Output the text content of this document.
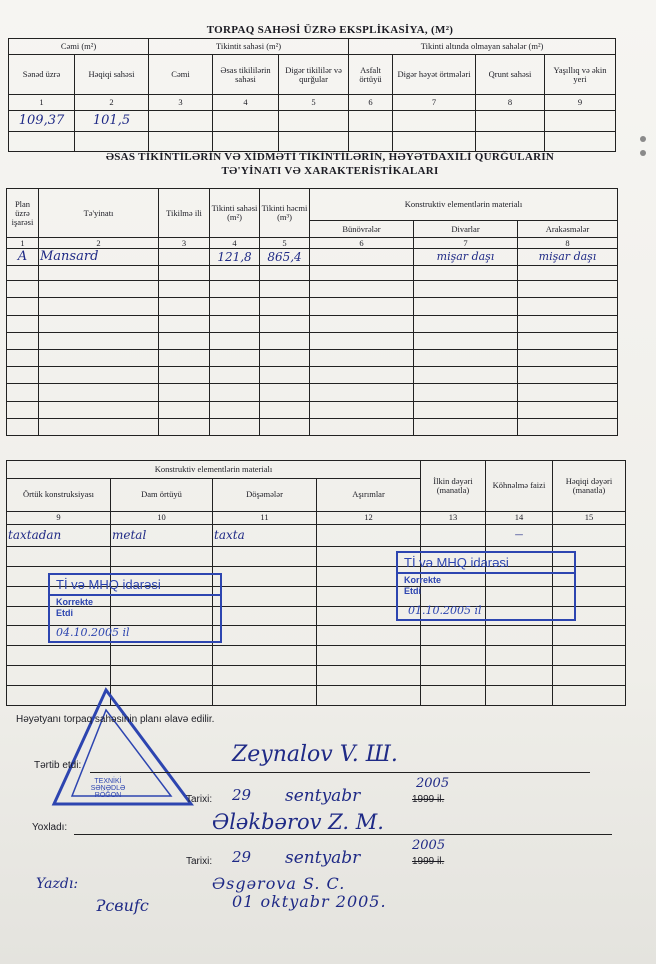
TORPAQ SAHƏSİ ÜZRƏ EKSPLİKASİYA, (M²)
Cəmi (m²)		Tikintit sahəsi (m²)			Tikinti altında olmayan sahələr (m²)			
Sənəd üzrə	Həqiqi sahəsi	Cəmi	Əsas tikililərin sahəsi	Digər tikililər və qurğular	Asfalt örtüyü	Digər həyət örtmələri	Qrunt sahəsi	Yaşıllıq və əkin yeri
1	2	3	4	5	6	7	8	9
109,37	101,5							

ƏSAS TİKİNTİLƏRİN VƏ XİDMƏTİ TİKİNTİLƏRİN, HƏYƏTDAXİLİ QURĞULARIN
TƏ'YİNATI VƏ XARAKTERİSTİKALARI
Plan üzrə işarəsi	Tə'yinatı	Tikilmə ili	Tikinti sahəsi (m²)	Tikinti həcmi (m³)	Konstruktiv elementlərin materialı		
					Bünövrələr	Divarlar	Arakəsmələr
1	2	3	4	5	6	7	8
A	Mansard		121,8	865,4		mişar daşı	mişar daşı

Konstruktiv elementlərin materialı				İlkin dəyəri (manatla)	Köhnəlmə faizi	Həqiqi dəyəri (manatla)
Örtük konstruksiyası	Dam örtüyü	Döşəmələr	Aşırımlar			
9	10	11	12	13	14	15
taxtadan	metal	taxta			—	

Tİ və MHQ idarəsi
Korrekte
Etdi
04.10.2005 il
Tİ və MHQ idarəsi
Korrekte
Etdi
01.10.2005 il
TEXNİKİ
SƏNƏDLƏ
RÖĞON
Həyətyanı torpaq sahəsinin planı əlavə edilir.
Tərtib etdi:	Zeynalov V. Ш.
Tarixi: 29 sentyabr
2005
1999 il.
Yoxladı:	Ələkbərov Z. M.
Tarixi: 29 sentyabr
2005
1999 il.
Yazdı:
Ɂсвиfc
Əsgərova S. C.
01 oktyabr 2005.
